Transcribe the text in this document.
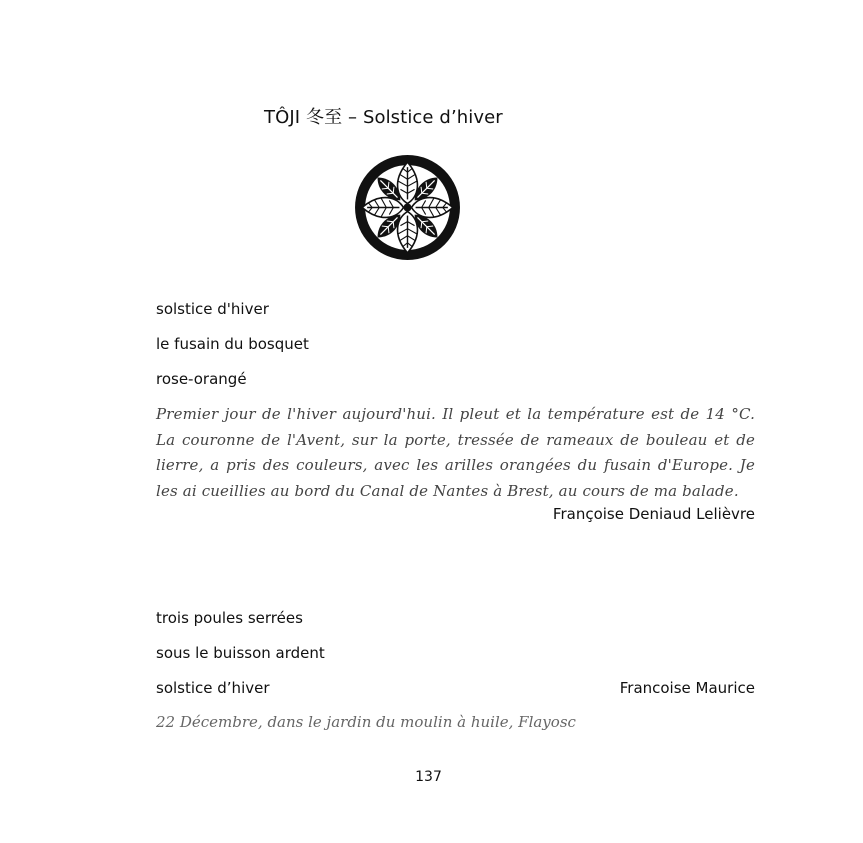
TÔJI 冬至 – Solstice d’hiver
solstice d'hiver
le fusain du bosquet
rose-orangé
Premier jour de l'hiver aujourd'hui. Il pleut et la température est de 14 °C. La couronne de l'Avent, sur la porte, tressée de rameaux de bouleau et de lierre, a pris des couleurs, avec les arilles orangées du fusain d'Europe. Je les ai cueillies au bord du Canal de Nantes à Brest, au cours de ma balade.
Françoise Deniaud Lelièvre
trois poules serrées
sous le buisson ardent
solstice d’hiver	Francoise Maurice
22 Décembre, dans le jardin du moulin à huile, Flayosc
137
